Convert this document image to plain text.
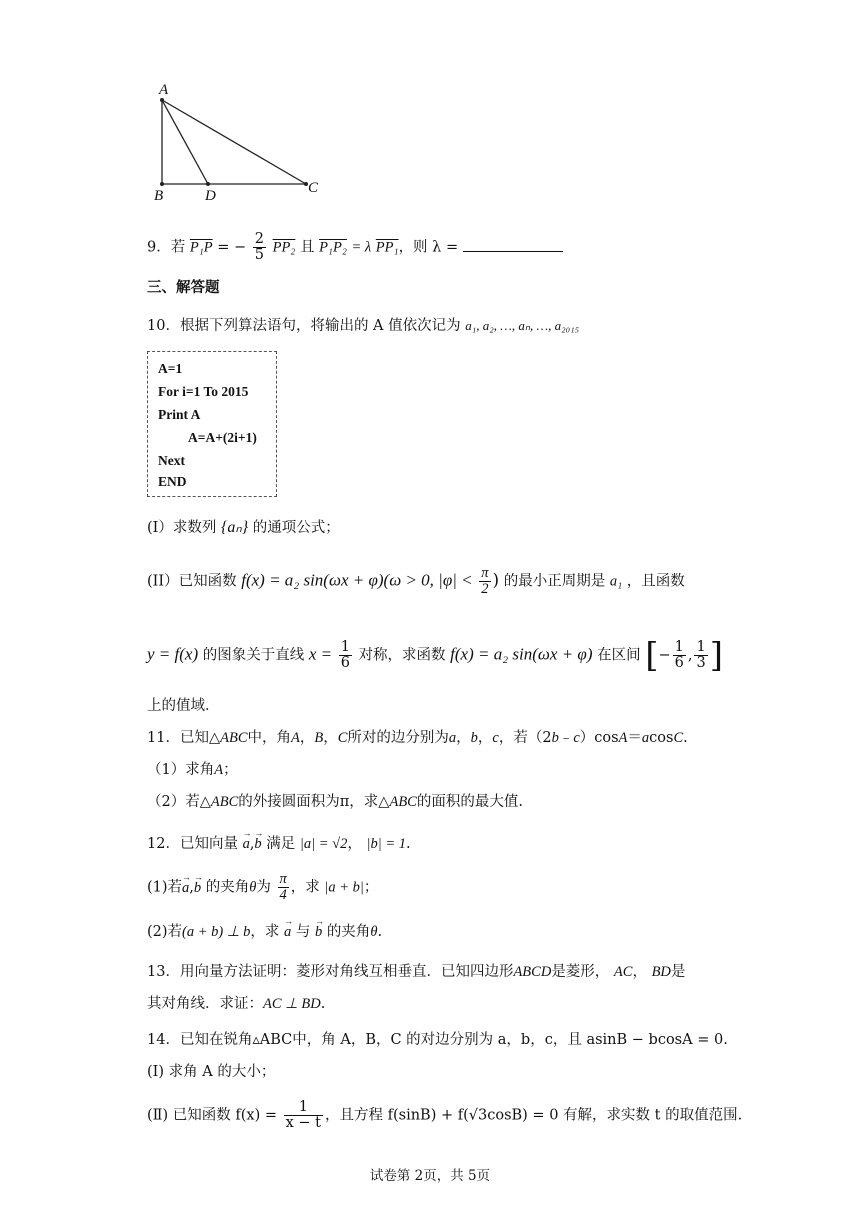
A
B	D	C
9．若 P₁P = − $\frac{2}{5} PP_2$ 且 P₁P₂ = λ PP₁，则 λ =
三、解答题
10．根据下列算法语句，将输出的 A 值依次记为 a₁, a₂, …, aₙ, …, a₂₀₁₅
A=1
For i=1 To 2015
Print A
A=A+(2i+1)
Next
END
(I）求数列 {aₙ} 的通项公式；
(II）已知函数 f(x) = a₂ sin(ωx + φ)(ω > 0, $|\varphi| < \frac{\pi}{2}$ ) 的最小正周期是 a₁ ，且函数
y = f(x) 的图象关于直线 $x = \frac{1}{6}$ 对称，求函数 f(x) = a₂ sin(ωx + φ) 在区间 [− $\frac{1}{6}$ , $\frac{1}{3}$ ]
上的值域．
11．已知△ABC中，角A，B，C所对的边分别为a，b，c，若（2b﹣c）cosA＝acosC.
（1）求角A；
（2）若△ABC的外接圆面积为π，求△ABC的面积的最大值.
12．已知向量 → a,→ b 满足 |a| = √2， |b| = 1.
(1)若→ a,→ b 的夹角θ为 $\frac{\pi}{4}$ ，求 |a + b|；
(2)若(a + b) ⊥ b，求 → a 与 → b 的夹角θ.
13．用向量方法证明：菱形对角线互相垂直．已知四边形ABCD是菱形， AC， BD是
其对角线．求证：AC ⊥ BD.
14．已知在锐角▵ABC中，角 A，B，C 的对边分别为 a，b，c，且 asinB − bcosA = 0.
(Ⅰ) 求角 A 的大小；
(Ⅱ) 已知函数 $f(x) = \frac{1}{x - t}$ ，且方程 f(sinB) + f(√3cosB) = 0 有解，求实数 t 的取值范围.
试卷第 2页，共 5页
